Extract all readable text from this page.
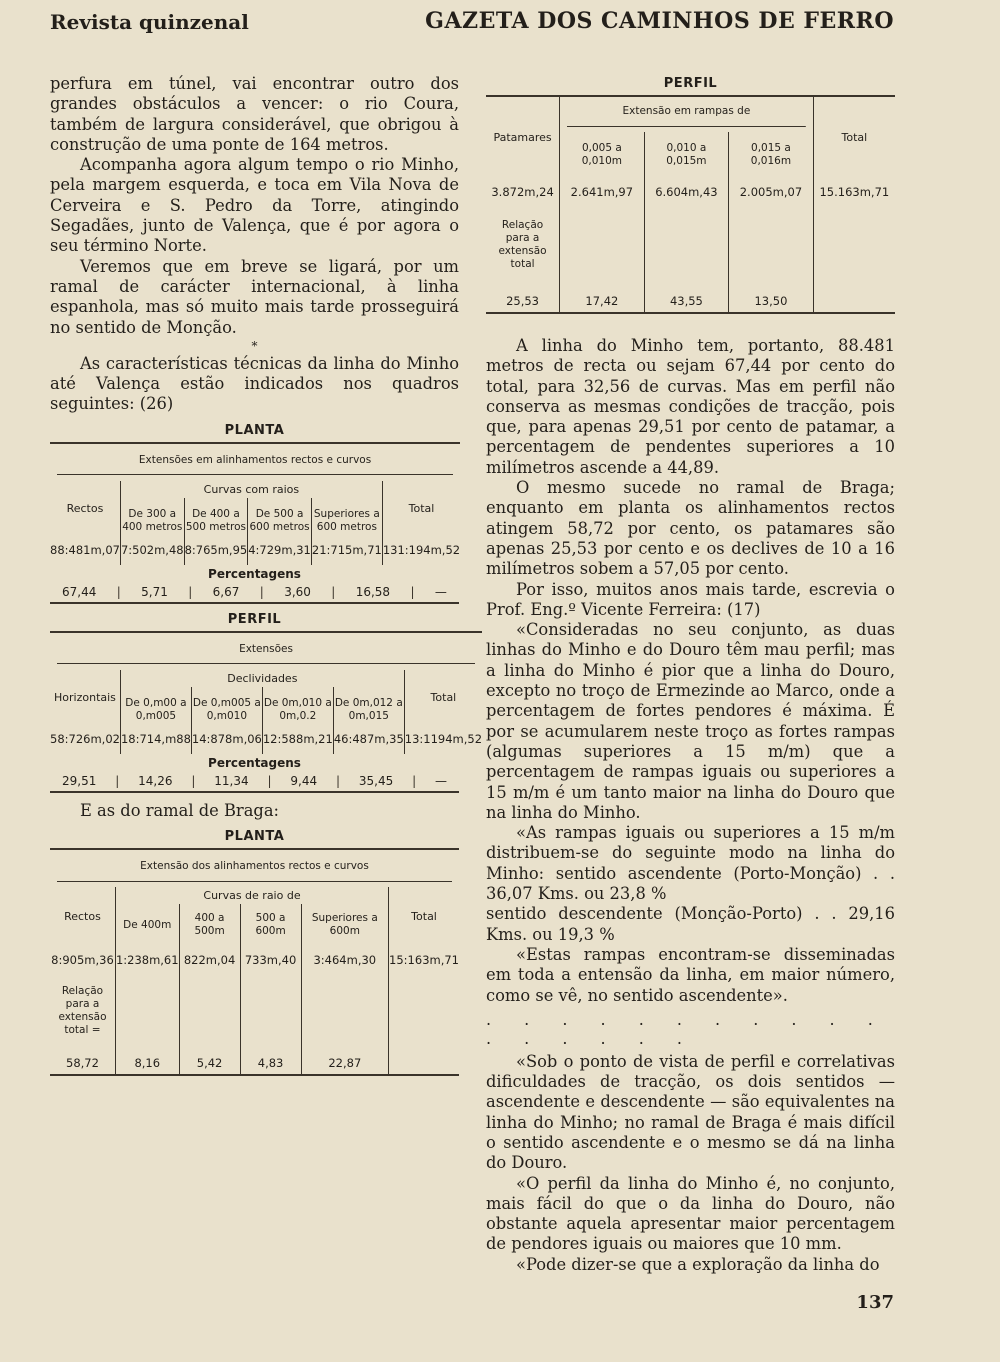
Revista quinzenal	GAZETA DOS CAMINHOS DE FERRO

perfura em túnel, vai encontrar outro dos grandes obstáculos a vencer: o rio Coura, também de largura considerável, que obrigou à construção de uma ponte de 164 metros.

Acompanha agora algum tempo o rio Minho, pela margem esquerda, e toca em Vila Nova de Cerveira e S. Pedro da Torre, atingindo Segadães, junto de Valença, que é por agora o seu término Norte.

Veremos que em breve se ligará, por um ramal de carácter internacional, à linha espanhola, mas só muito mais tarde prosseguirá no sentido de Monção.

*

As características técnicas da linha do Minho até Valença estão indicados nos quadros seguintes: (26)

PLANTA
Extensões em alinhamentos rectos e curvos					

Rectos	Curvas com raios				Total
	De 300 a 400 metros	De 400 a 500 metros	De 500 a 600 metros	Superiores a 600 metros	
88:481m,07	7:502m,48	8:765m,95	4:729m,31	21:715m,71	131:194m,52
Percentagens
67,44 | 5,71 | 6,67 | 3,60 | 16,58 | —
PERFIL
Extensões					

Horizontais	Declividades				Total
	De 0,m00 a 0,m005	De 0,m005 a 0,m010	De 0m,010 a 0m,0.2	De 0m,012 a 0m,015	
58:726m,02	18:714,m88	14:878m,06	12:588m,21	46:487m,35	13:1194m,52
Percentagens
29,51 | 14,26 | 11,34 | 9,44 | 35,45 | —

E as do ramal de Braga:

PLANTA
Extensão dos alinhamentos rectos e curvos					

Rectos	Curvas de raio de				Total
	De 400m	400 a 500m	500 a 600m	Superiores a 600m	
8:905m,36	1:238m,61	822m,04	733m,40	3:464m,30	15:163m,71
Relação para a extensão total =					
58,72	8,16	5,42	4,83	22,87	
PERFIL
Patamares	Extensão em rampas de			Total

	0,005 a 0,010m	0,010 a 0,015m	0,015 a 0,016m	
3.872m,24	2.641m,97	6.604m,43	2.005m,07	15.163m,71
Relação para a extensão total				
25,53	17,42	43,55	13,50	

A linha do Minho tem, portanto, 88.481 metros de recta ou sejam 67,44 por cento do total, para 32,56 de curvas. Mas em perfil não conserva as mesmas condições de tracção, pois que, para apenas 29,51 por cento de patamar, a percentagem de pendentes superiores a 10 milímetros ascende a 44,89.

O mesmo sucede no ramal de Braga; enquanto em planta os alinhamentos rectos atingem 58,72 por cento, os patamares são apenas 25,53 por cento e os declives de 10 a 16 milímetros sobem a 57,05 por cento.

Por isso, muitos anos mais tarde, escrevia o Prof. Eng.º Vicente Ferreira: (17)

«Consideradas no seu conjunto, as duas linhas do Minho e do Douro têm mau perfil; mas a linha do Minho é pior que a linha do Douro, excepto no troço de Ermezinde ao Marco, onde a percentagem de fortes pendores é máxima. É por se acumularem neste troço as fortes rampas (algumas superiores a 15 m/m) que a percentagem de rampas iguais ou superiores a 15 m/m é um tanto maior na linha do Douro que na linha do Minho.

«As rampas iguais ou superiores a 15 m/m distribuem-se do seguinte modo na linha do Minho: sentido ascendente (Porto-Monção) . . 36,07 Kms. ou 23,8 %

sentido descendente (Monção-Porto) . . 29,16 Kms. ou 19,3 %

«Estas rampas encontram-se disseminadas em toda a entensão da linha, em maior número, como se vê, no sentido ascendente».

. . . . . . . . . . . . . . . . .

«Sob o ponto de vista de perfil e correlativas dificuldades de tracção, os dois sentidos — ascendente e descendente — são equivalentes na linha do Minho; no ramal de Braga é mais difícil o sentido ascendente e o mesmo se dá na linha do Douro.

«O perfil da linha do Minho é, no conjunto, mais fácil do que o da linha do Douro, não obstante aquela apresentar maior percentagem de pendores iguais ou maiores que 10 mm.

«Pode dizer-se que a exploração da linha do

137
